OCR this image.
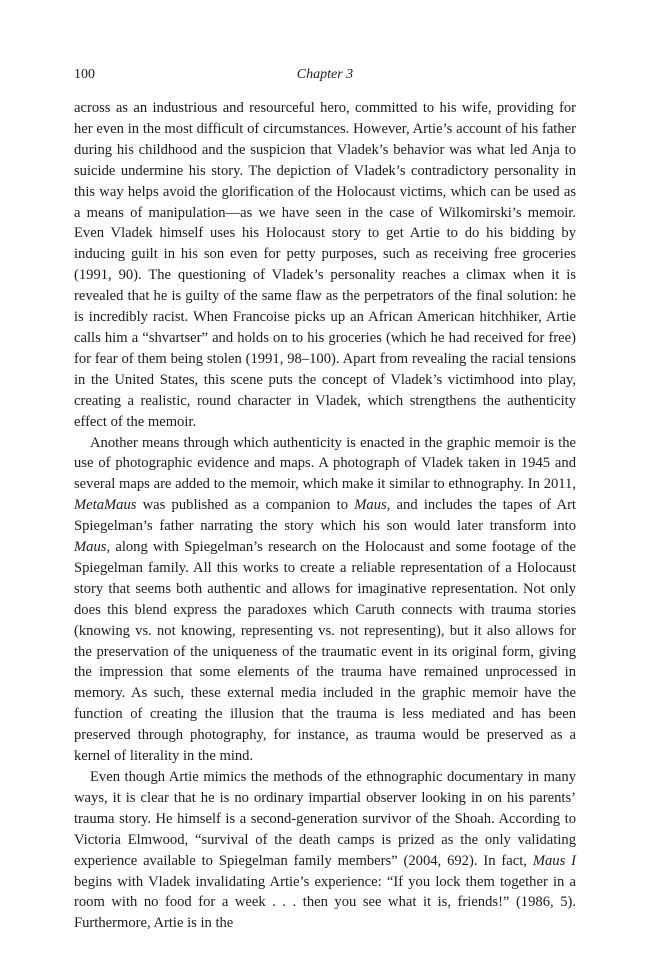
100	Chapter 3

across as an industrious and resourceful hero, committed to his wife, providing for her even in the most difficult of circumstances. However, Artie’s account of his father during his childhood and the suspicion that Vladek’s behavior was what led Anja to suicide undermine his story. The depiction of Vladek’s contradictory personality in this way helps avoid the glorification of the Holocaust victims, which can be used as a means of manipulation—as we have seen in the case of Wilkomirski’s memoir. Even Vladek himself uses his Holocaust story to get Artie to do his bidding by inducing guilt in his son even for petty purposes, such as receiving free groceries (1991, 90). The questioning of Vladek’s personality reaches a climax when it is revealed that he is guilty of the same flaw as the perpetrators of the final solution: he is incredibly racist. When Francoise picks up an African American hitchhiker, Artie calls him a “shvartser” and holds on to his groceries (which he had received for free) for fear of them being stolen (1991, 98–100). Apart from revealing the racial tensions in the United States, this scene puts the concept of Vladek’s victimhood into play, creating a realistic, round character in Vladek, which strengthens the authenticity effect of the memoir.

Another means through which authenticity is enacted in the graphic memoir is the use of photographic evidence and maps. A photograph of Vladek taken in 1945 and several maps are added to the memoir, which make it similar to ethnography. In 2011, MetaMaus was published as a companion to Maus, and includes the tapes of Art Spiegelman’s father narrating the story which his son would later transform into Maus, along with Spiegelman’s research on the Holocaust and some footage of the Spiegelman family. All this works to create a reliable representation of a Holocaust story that seems both authentic and allows for imaginative representation. Not only does this blend express the paradoxes which Caruth connects with trauma stories (knowing vs. not knowing, representing vs. not representing), but it also allows for the preservation of the uniqueness of the traumatic event in its original form, giving the impression that some elements of the trauma have remained unprocessed in memory. As such, these external media included in the graphic memoir have the function of creating the illusion that the trauma is less mediated and has been preserved through photography, for instance, as trauma would be preserved as a kernel of literality in the mind.

Even though Artie mimics the methods of the ethnographic documentary in many ways, it is clear that he is no ordinary impartial observer looking in on his parents’ trauma story. He himself is a second-generation survivor of the Shoah. According to Victoria Elmwood, “survival of the death camps is prized as the only validating experience available to Spiegelman family members” (2004, 692). In fact, Maus I begins with Vladek invalidating Artie’s experience: “If you lock them together in a room with no food for a week . . . then you see what it is, friends!” (1986, 5). Furthermore, Artie is in the
